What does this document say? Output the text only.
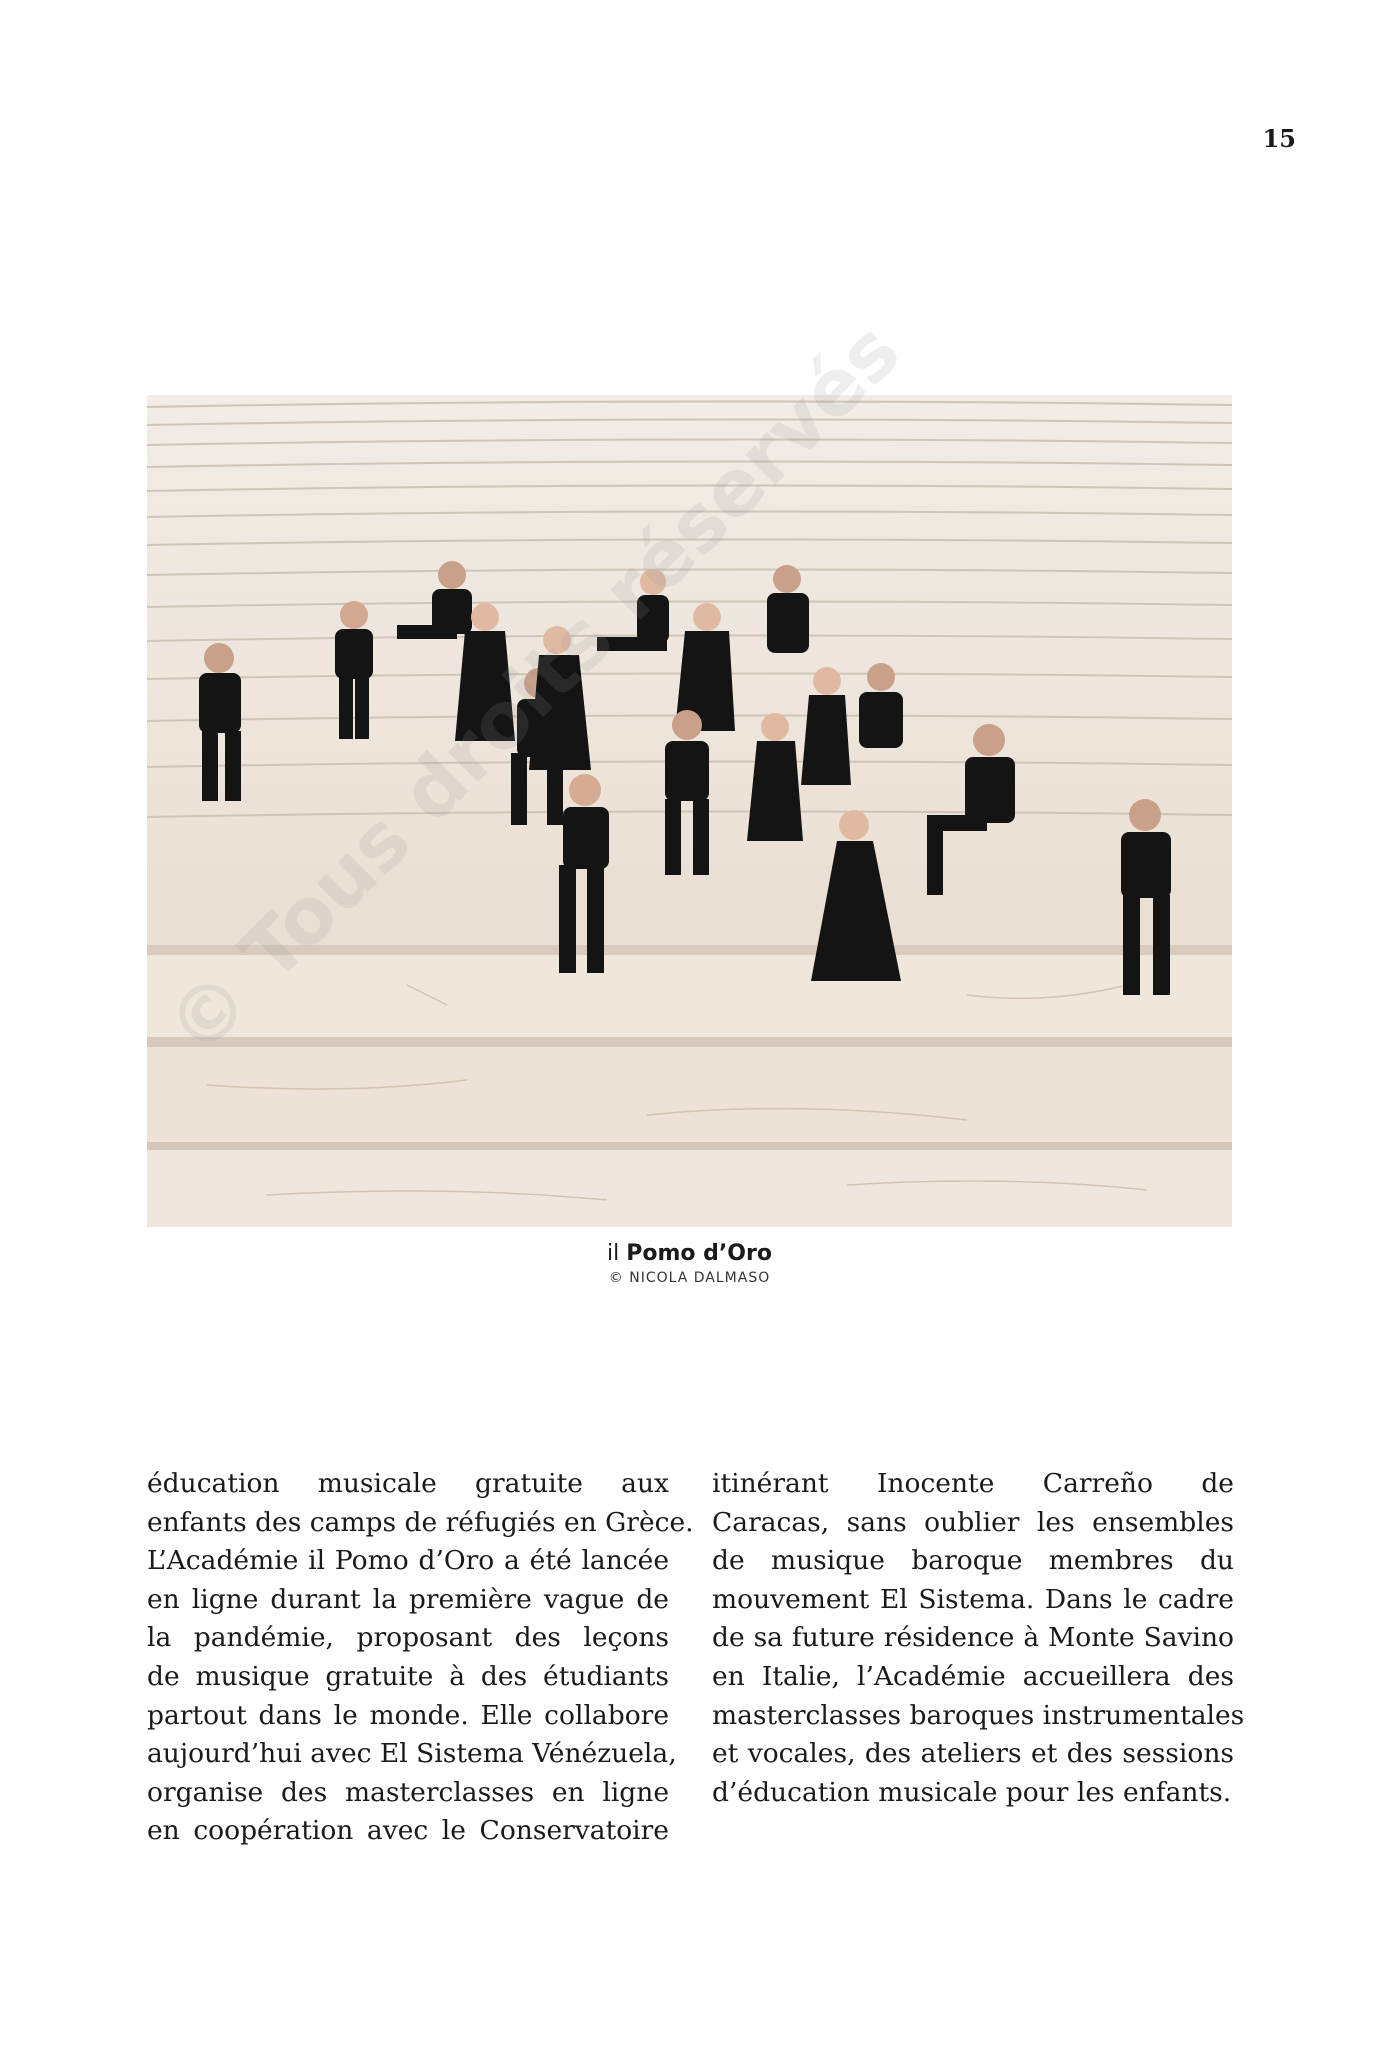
15
il Pomo d’Oro
© NICOLA DALMASO
éducation musicale gratuite aux
enfants des camps de réfugiés en Grèce.
L’Académie il Pomo d’Oro a été lancée
en ligne durant la première vague de
la pandémie, proposant des leçons
de musique gratuite à des étudiants
partout dans le monde. Elle collabore
aujourd’hui avec El Sistema Vénézuela,
organise des masterclasses en ligne
en coopération avec le Conservatoire
itinérant Inocente Carreño de
Caracas, sans oublier les ensembles
de musique baroque membres du
mouvement El Sistema. Dans le cadre
de sa future résidence à Monte Savino
en Italie, l’Académie accueillera des
masterclasses baroques instrumentales
et vocales, des ateliers et des sessions
d’éducation musicale pour les enfants.
